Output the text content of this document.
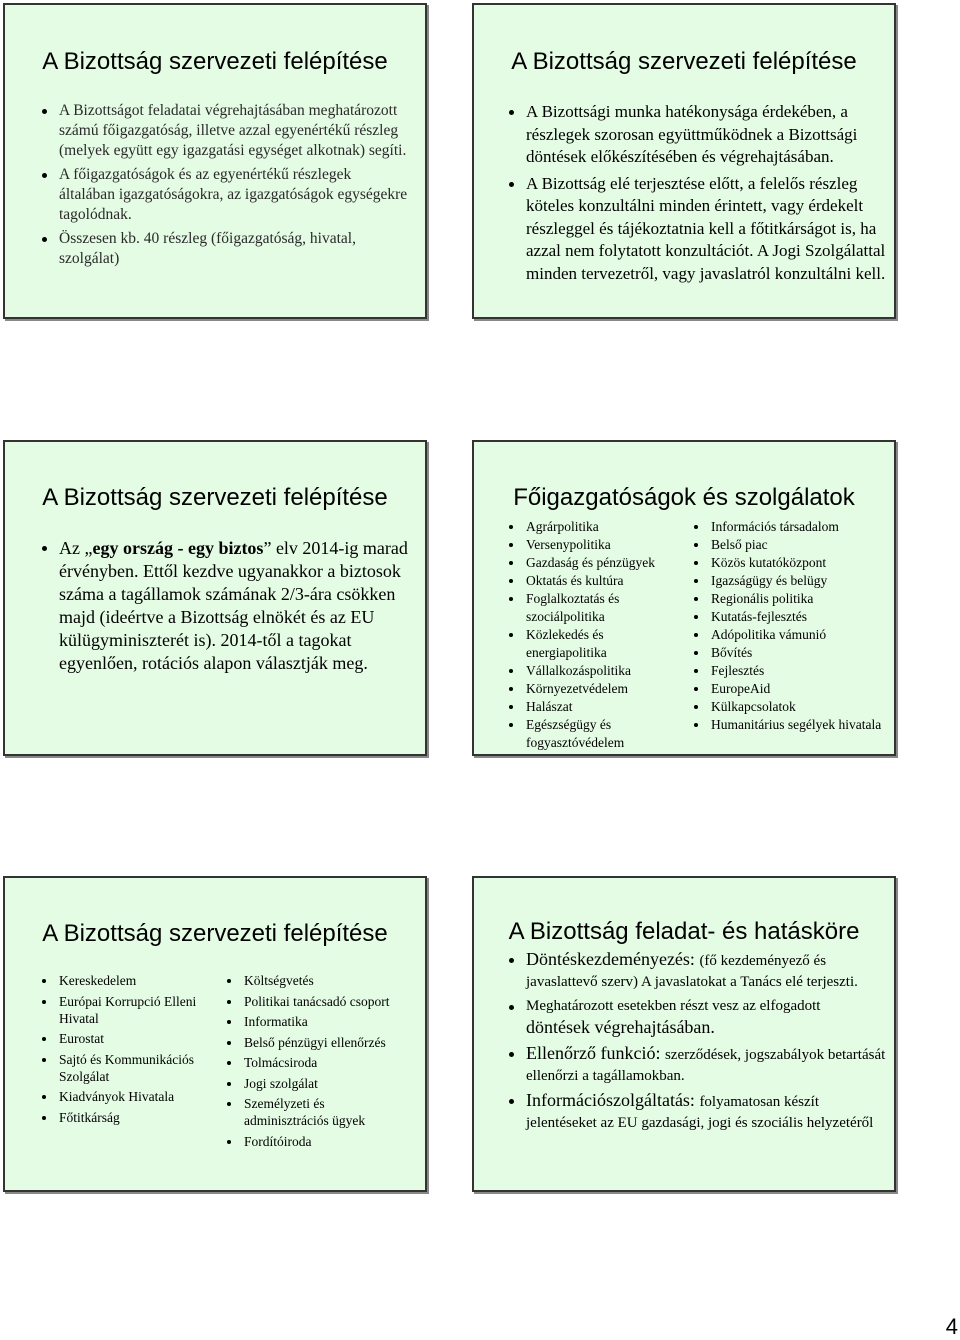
A Bizottság szervezeti felépítése
A Bizottságot feladatai végrehajtásában meghatározott számú főigazgatóság, illetve azzal egyenértékű részleg (melyek együtt egy igazgatási egységet alkotnak) segíti.
A főigazgatóságok és az egyenértékű részlegek általában igazgatóságokra, az igazgatóságok egységekre tagolódnak.
Összesen kb. 40 részleg (főigazgatóság, hivatal, szolgálat)
A Bizottság szervezeti felépítése
A Bizottsági munka hatékonysága érdekében, a részlegek szorosan együttműködnek a Bizottsági döntések előkészítésében és végrehajtásában.
A Bizottság elé terjesztése előtt, a felelős részleg köteles konzultálni minden érintett, vagy érdekelt részleggel és tájékoztatnia kell a főtitkárságot is, ha azzal nem folytatott konzultációt. A Jogi Szolgálattal minden tervezetről, vagy javaslatról konzultálni kell.
A Bizottság szervezeti felépítése
Az „egy ország - egy biztos” elv 2014-ig marad érvényben. Ettől kezdve ugyanakkor a biztosok száma a tagállamok számának 2/3-ára csökken majd (ideértve a Bizottság elnökét és az EU külügyminiszterét is). 2014-től a tagokat egyenlően, rotációs alapon választják meg.
Főigazgatóságok és szolgálatok
Agrárpolitika
Versenypolitika
Gazdaság és pénzügyek
Oktatás és kultúra
Foglalkoztatás és szociálpolitika
Közlekedés és energiapolitika
Vállalkozáspolitika
Környezetvédelem
Halászat
Egészségügy és fogyasztóvédelem
Információs társadalom
Belső piac
Közös kutatóközpont
Igazságügy és belügy
Regionális politika
Kutatás-fejlesztés
Adópolitika vámunió
Bővítés
Fejlesztés
EuropeAid
Külkapcsolatok
Humanitárius segélyek hivatala
A Bizottság szervezeti felépítése
Kereskedelem
Európai Korrupció Elleni Hivatal
Eurostat
Sajtó és Kommunikációs Szolgálat
Kiadványok Hivatala
Főtitkárság
Költségvetés
Politikai tanácsadó csoport
Informatika
Belső pénzügyi ellenőrzés
Tolmácsiroda
Jogi szolgálat
Személyzeti és adminisztrációs ügyek
Fordítóiroda
A Bizottság feladat- és hatásköre
Döntéskezdeményezés: (fő kezdeményező és javaslattevő szerv) A javaslatokat a Tanács elé terjeszti.
Meghatározott esetekben részt vesz az elfogadott döntések végrehajtásában.
Ellenőrző funkció: szerződések, jogszabályok betartását ellenőrzi a tagállamokban.
Információszolgáltatás: folyamatosan készít jelentéseket az EU gazdasági, jogi és szociális helyzetéről
4
